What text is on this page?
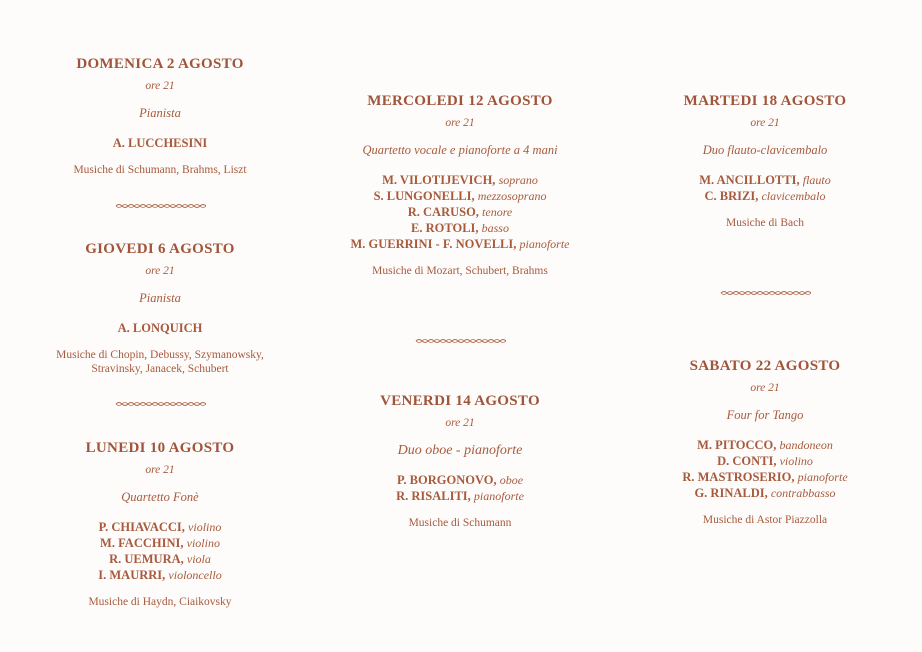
DOMENICA 2 AGOSTO
ore 21
Pianista
A. LUCCHESINI
Musiche di Schumann, Brahms, Liszt
GIOVEDI 6 AGOSTO
ore 21
Pianista
A. LONQUICH
Musiche di Chopin, Debussy, Szymanowsky,
Stravinsky, Janacek, Schubert
LUNEDI 10 AGOSTO
ore 21
Quartetto Fonè
P. CHIAVACCI, violino
M. FACCHINI, violino
R. UEMURA, viola
I. MAURRI, violoncello
Musiche di Haydn, Ciaikovsky
MERCOLEDI 12 AGOSTO
ore 21
Quartetto vocale e pianoforte a 4 mani
M. VILOTIJEVICH, soprano
S. LUNGONELLI, mezzosoprano
R. CARUSO, tenore
E. ROTOLI, basso
M. GUERRINI - F. NOVELLI, pianoforte
Musiche di Mozart, Schubert, Brahms
VENERDI 14 AGOSTO
ore 21
Duo oboe - pianoforte
P. BORGONOVO, oboe
R. RISALITI, pianoforte
Musiche di Schumann
MARTEDI 18 AGOSTO
ore 21
Duo flauto-clavicembalo
M. ANCILLOTTI, flauto
C. BRIZI, clavicembalo
Musiche di Bach
SABATO 22 AGOSTO
ore 21
Four for Tango
M. PITOCCO, bandoneon
D. CONTI, violino
R. MASTROSERIO, pianoforte
G. RINALDI, contrabbasso
Musiche di Astor Piazzolla
